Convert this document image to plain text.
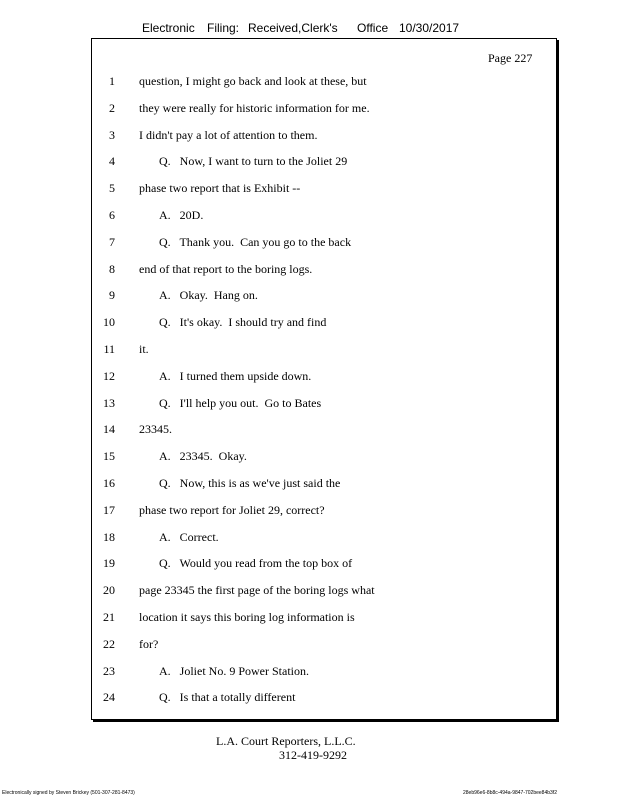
Electronic Filing: Received,Clerk's Office 10/30/2017
Page 227
1 question, I might go back and look at these, but
2 they were really for historic information for me.
3 I didn't pay a lot of attention to them.
4	Q.   Now, I want to turn to the Joliet 29
5 phase two report that is Exhibit --
6	A.   20D.
7	Q.   Thank you.  Can you go to the back
8 end of that report to the boring logs.
9	A.   Okay.  Hang on.
10	Q.   It's okay.  I should try and find
11 it.
12	A.   I turned them upside down.
13	Q.   I'll help you out.  Go to Bates
14 23345.
15	A.   23345.  Okay.
16	Q.   Now, this is as we've just said the
17 phase two report for Joliet 29, correct?
18	A.   Correct.
19	Q.   Would you read from the top box of
20 page 23345 the first page of the boring logs what
21 location it says this boring log information is
22 for?
23	A.   Joliet No. 9 Power Station.
24	Q.   Is that a totally different
L.A. Court Reporters, L.L.C.
312-419-9292
Electronically signed by Steven Brickey (501-307-281-8473)	28eb96e6-8b8c-494a-9847-702bee84b3f2
